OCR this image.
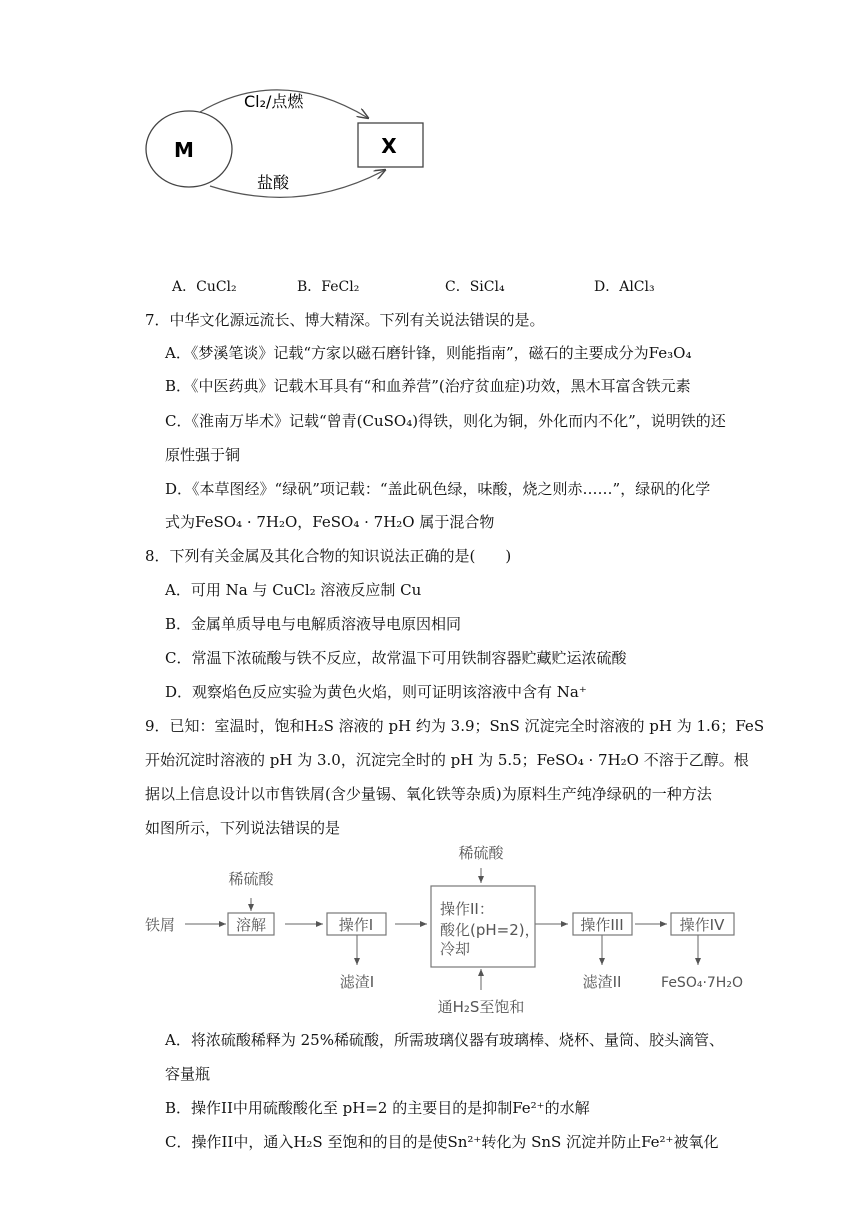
M	X
Cl₂/点燃
盐酸
A．CuCl₂	B．FeCl₂	C．SiCl₄	D．AlCl₃
7．中华文化源远流长、博大精深。下列有关说法错误的是。
A．《梦溪笔谈》记载“方家以磁石磨针锋，则能指南”，磁石的主要成分为Fe₃O₄
B．《中医药典》记载木耳具有“和血养营”(治疗贫血症)功效，黑木耳富含铁元素
C．《淮南万毕术》记载“曾青(CuSO₄)得铁，则化为铜，外化而内不化”，说明铁的还
原性强于铜
D．《本草图经》“绿矾”项记载：“盖此矾色绿，味酸，烧之则赤……”，绿矾的化学
式为FeSO₄ · 7H₂O，FeSO₄ · 7H₂O 属于混合物
8．下列有关金属及其化合物的知识说法正确的是(　　)
A．可用 Na 与 CuCl₂ 溶液反应制 Cu
B．金属单质导电与电解质溶液导电原因相同
C．常温下浓硫酸与铁不反应，故常温下可用铁制容器贮藏贮运浓硫酸
D．观察焰色反应实验为黄色火焰，则可证明该溶液中含有 Na⁺
9．已知：室温时，饱和H₂S 溶液的 pH 约为 3.9；SnS 沉淀完全时溶液的 pH 为 1.6；FeS
开始沉淀时溶液的 pH 为 3.0，沉淀完全时的 pH 为 5.5；FeSO₄ · 7H₂O 不溶于乙醇。根
据以上信息设计以市售铁屑(含少量锡、氧化铁等杂质)为原料生产纯净绿矾的一种方法
如图所示，下列说法错误的是
铁屑
稀硫酸
溶解	操作I
滤渣I
稀硫酸
操作II：
酸化(pH=2)，
冷却
通H₂S至饱和
操作III
滤渣II
操作IV
FeSO₄·7H₂O
A．将浓硫酸稀释为 25%稀硫酸，所需玻璃仪器有玻璃棒、烧杯、量筒、胶头滴管、
容量瓶
B．操作II中用硫酸酸化至 pH=2 的主要目的是抑制Fe²⁺的水解
C．操作II中，通入H₂S 至饱和的目的是使Sn²⁺转化为 SnS 沉淀并防止Fe²⁺被氧化
